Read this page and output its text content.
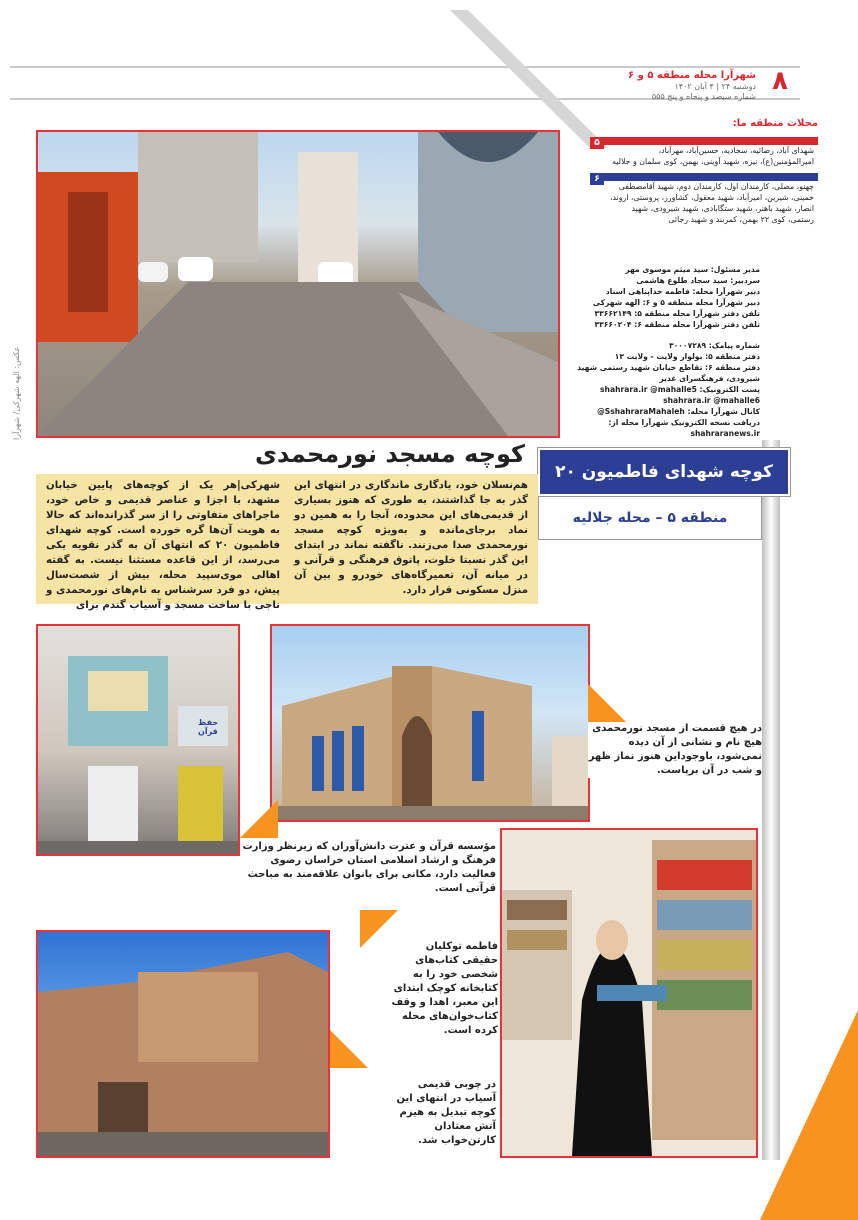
۸
شهرآرا محله منطقه ۵ و ۶
دوشنبه ۲۴ | ۴ آبان ۱۴۰۲
شماره سیصد و پنجاه و پنج ۵۵۵
محلات منطقه ما:
۵
شهدای آباد، رضائیه، سجادیه، حسین‌آباد، مهرآباد، امیرالمؤمنین(ع)، نیزه، شهید آوینی، بهمن، کوی سلمان و جلالیه
۶
چهنو، مصلی، کارمندان اول، کارمندان دوم، شهید آقامصطفی خمینی، شیرین، امیرآباد، شهید معقول، کشاورز، پروستی، اروند، انصار، شهید باهنر، شهید ستگابادی، شهید شیرودی، شهید رستمی، کوی ۲۲ بهمن، کمربند و شهید رجائی
مدیر مسئول: سید میثم موسوی مهر
سردبیر: سید سجاد طلوع هاشمی
دبیر شهرآرا محله: فاطمه خداپناهی اسناد
دبیر شهرآرا محله منطقه ۵ و ۶: الهه شهرکی
تلفن دفتر شهرآرا محله منطقه ۵: ۳۳۶۶۲۱۴۹
تلفن دفتر شهرآرا محله منطقه ۶: ۳۳۶۶۰۲۰۴
شماره پیامک: ۳۰۰۰۷۲۸۹
دفتر منطقه ۵: بولوار ولایت - ولایت ۱۳
دفتر منطقه ۶: تقاطع خیابان شهید رستمی شهید شیرودی، فرهنگسرای غدیر
پست الکترونیک: shahrara.ir @mahalle5
shahrara.ir @mahalle6
کانال شهرآرا محله: SshahraraMahaleh@
دریافت نسخه الکترونیک شهرآرا محله از: shahraranews.ir
عکس: الهه شهرکی/ شهرآرا
کوچه شهدای فاطمیون ۲۰
منطقه ۵ – محله جلالیه
کوچه مسجد نورمحمدی
هم‌نسلان خود، یادگاری ماندگاری در انتهای این گذر به جا گذاشتند، به طوری که هنوز بسیاری از قدیمی‌های این محدوده، آنجا را به همین دو نماد برجای‌مانده و به‌ویژه کوچه مسجد نورمحمدی صدا می‌زنند. ناگفته نماند در ابتدای این گذر نسبتا خلوت، پاتوق فرهنگی و قرآنی و در میانه آن، تعمیرگاه‌های خودرو و بین آن منزل مسکونی قرار دارد.
شهرکی|هر یک از کوچه‌های پایین خیابان مشهد، با اجزا و عناصر قدیمی و خاص خود، ماجراهای متفاوتی را از سر گذرانده‌اند که حالا به هویت آن‌ها گره خورده است. کوچه شهدای فاطمیون ۲۰ که انتهای آن به گذر نقویه یکی می‌رسد، از این قاعده مستثنا نیست. به گفته اهالی موی‌سپید محله، بیش از شصت‌سال پیش، دو فرد سرشناس به نام‌های نورمحمدی و ناجی با ساخت مسجد و آسیاب گندم برای
حفظ قرآن	در هیچ قسمت از مسجد نورمحمدی هیچ نام و نشانی از آن دیده نمی‌شود، باوجوداین هنوز نماز ظهر و شب در آن برپاست.
مؤسسه قرآن و عترت دانش‌آوران که زیرنظر وزارت فرهنگ و ارشاد اسلامی استان خراسان رضوی فعالیت دارد، مکانی برای بانوان علاقه‌مند به مباحث قرآنی است.
فاطمه توکلیان حقیقی کتاب‌های شخصی خود را به کتابخانه کوچک ابتدای این معبر، اهدا و وقف کتاب‌خوان‌های محله کرده است.
در چوبی قدیمی آسیاب در انتهای این کوچه تبدیل به هیزم آتش معتادان کارتن‌خواب شد.
